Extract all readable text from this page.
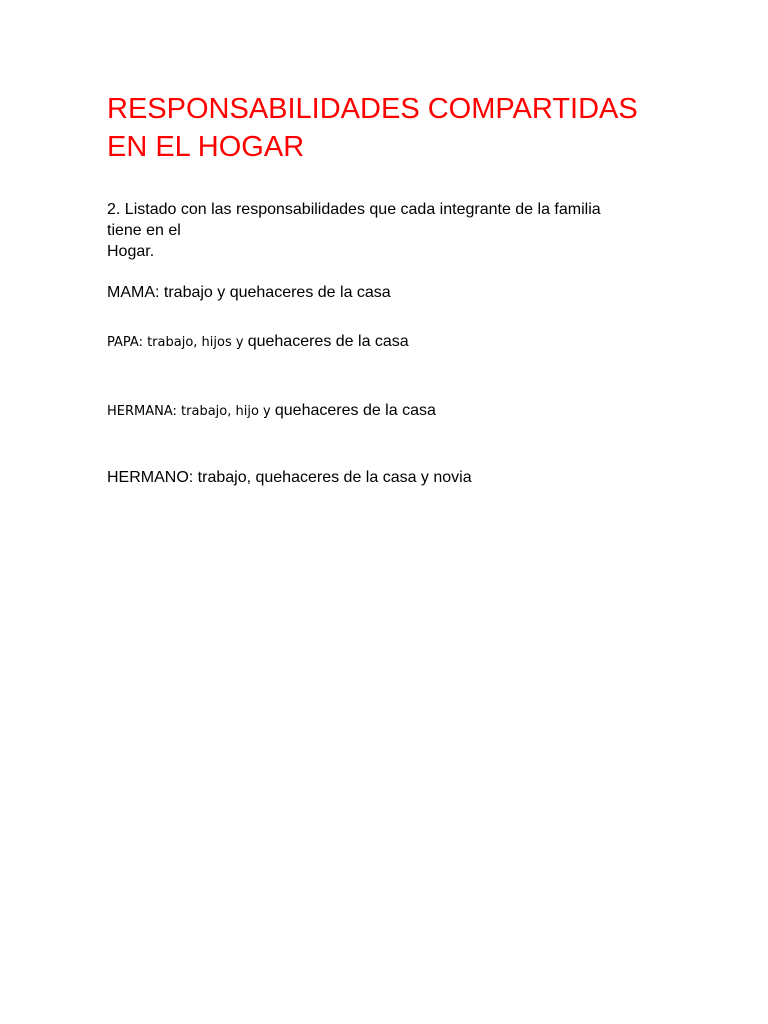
RESPONSABILIDADES COMPARTIDAS
EN EL HOGAR

2. Listado con las responsabilidades que cada integrante de la familia
tiene en el
Hogar.

MAMA: trabajo y quehaceres de la casa

PAPA: trabajo, hijos y quehaceres de la casa

HERMANA: trabajo, hijo y quehaceres de la casa

HERMANO: trabajo, quehaceres de la casa y novia
